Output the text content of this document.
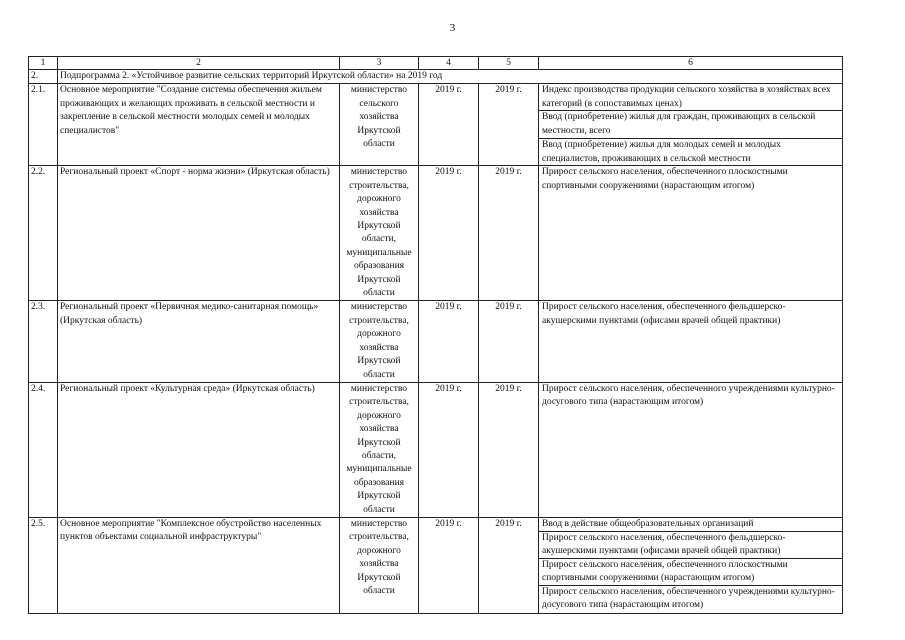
3
1	2	3	4	5	6
2.	Подпрограмма 2. «Устойчивое развитие сельских территорий Иркутской области» на 2019 год				
2.1.	Основное мероприятие "Создание системы обеспечения жильем проживающих и желающих проживать в сельской местности и закрепление в сельской местности молодых семей и молодых специалистов"	министерство сельского хозяйства Иркутской области	2019 г.	2019 г.	Индекс производства продукции сельского хозяйства в хозяйствах всех категорий (в сопоставимых ценах)
Ввод (приобретение) жилья для граждан, проживающих в сельской местности, всего
Ввод (приобретение) жилья для молодых семей и молодых специалистов, проживающих в сельской местности

2.2.	Региональный проект «Спорт - норма жизни» (Иркутская область)	министерство строительства, дорожного хозяйства Иркутской области, муниципальные образования Иркутской области	2019 г.	2019 г.	Прирост сельского населения, обеспеченного плоскостными спортивными сооружениями (нарастающим итогом)

2.3.	Региональный проект «Первичная медико-санитарная помощь» (Иркутская область)	министерство строительства, дорожного хозяйства Иркутской области	2019 г.	2019 г.	Прирост сельского населения, обеспеченного фельдшерско-акушерскими пунктами (офисами врачей общей практики)

2.4.	Региональный проект «Культурная среда» (Иркутская область)	министерство строительства, дорожного хозяйства Иркутской области, муниципальные образования Иркутской области	2019 г.	2019 г.	Прирост сельского населения, обеспеченного учреждениями культурно-досугового типа (нарастающим итогом)

2.5.	Основное мероприятие "Комплексное обустройство населенных пунктов объектами социальной инфраструктуры"	министерство строительства, дорожного хозяйства Иркутской области	2019 г.	2019 г.	Ввод в действие общеобразовательных организаций
Прирост сельского населения, обеспеченного фельдшерско-акушерскими пунктами (офисами врачей общей практики)
Прирост сельского населения, обеспеченного плоскостными спортивными сооружениями (нарастающим итогом)
Прирост сельского населения, обеспеченного учреждениями культурно-досугового типа (нарастающим итогом)
